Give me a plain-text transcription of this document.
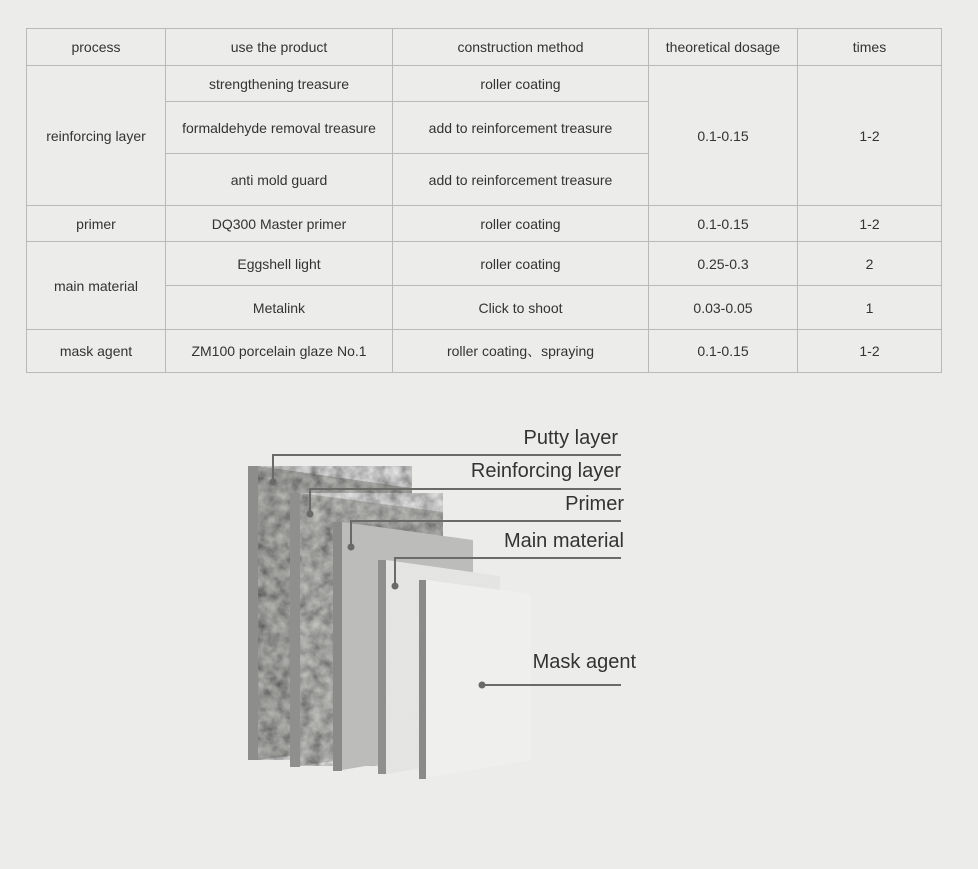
process	use the product	construction method	theoretical dosage	times
reinforcing layer	strengthening treasure	roller coating	0.1-0.15	1-2
	formaldehyde removal treasure	add to reinforcement treasure		
	anti mold guard	add to reinforcement treasure		
primer	DQ300 Master primer	roller coating	0.1-0.15	1-2
main material	Eggshell light	roller coating	0.25-0.3	2
	Metalink	Click to shoot	0.03-0.05	1
mask agent	ZM100 porcelain glaze No.1	roller coating、spraying	0.1-0.15	1-2
Putty layer
Reinforcing layer
Primer
Main material
Mask agent
